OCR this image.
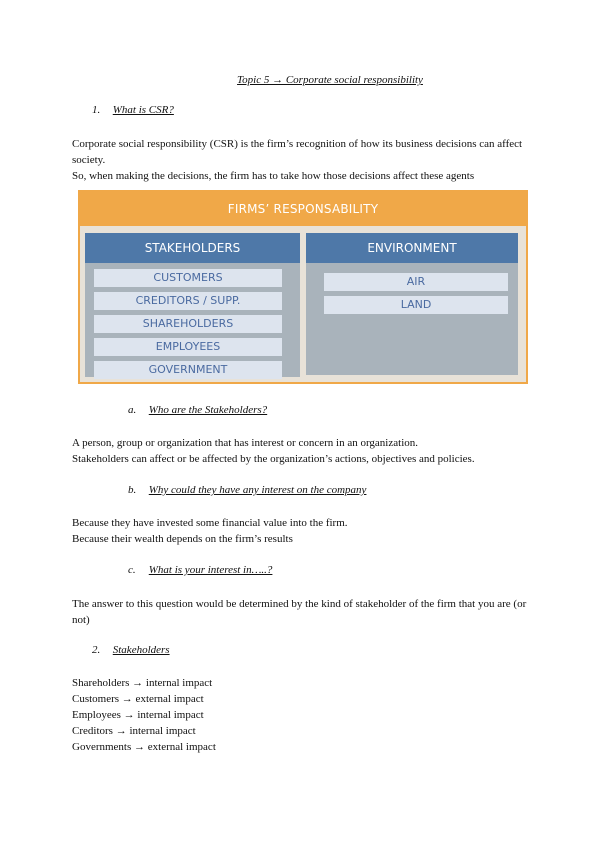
Topic 5 → Corporate social responsibility
1. What is CSR?
Corporate social responsibility (CSR) is the firm’s recognition of how its business decisions can affect society.
So, when making the decisions, the firm has to take how those decisions affect these agents
FIRMS’ RESPONSABILITY
STAKEHOLDERS
CUSTOMERS
CREDITORS / SUPP.
SHAREHOLDERS
EMPLOYEES
GOVERNMENT
ENVIRONMENT
AIR
LAND
a. Who are the Stakeholders?
A person, group or organization that has interest or concern in an organization.
Stakeholders can affect or be affected by the organization’s actions, objectives and policies.
b. Why could they have any interest on the company
Because they have invested some financial value into the firm.
Because their wealth depends on the firm’s results
c. What is your interest in…..?
The answer to this question would be determined by the kind of stakeholder of the firm that you are (or not)
2. Stakeholders
Shareholders → internal impact
Customers → external impact
Employees → internal impact
Creditors → internal impact
Governments → external impact
